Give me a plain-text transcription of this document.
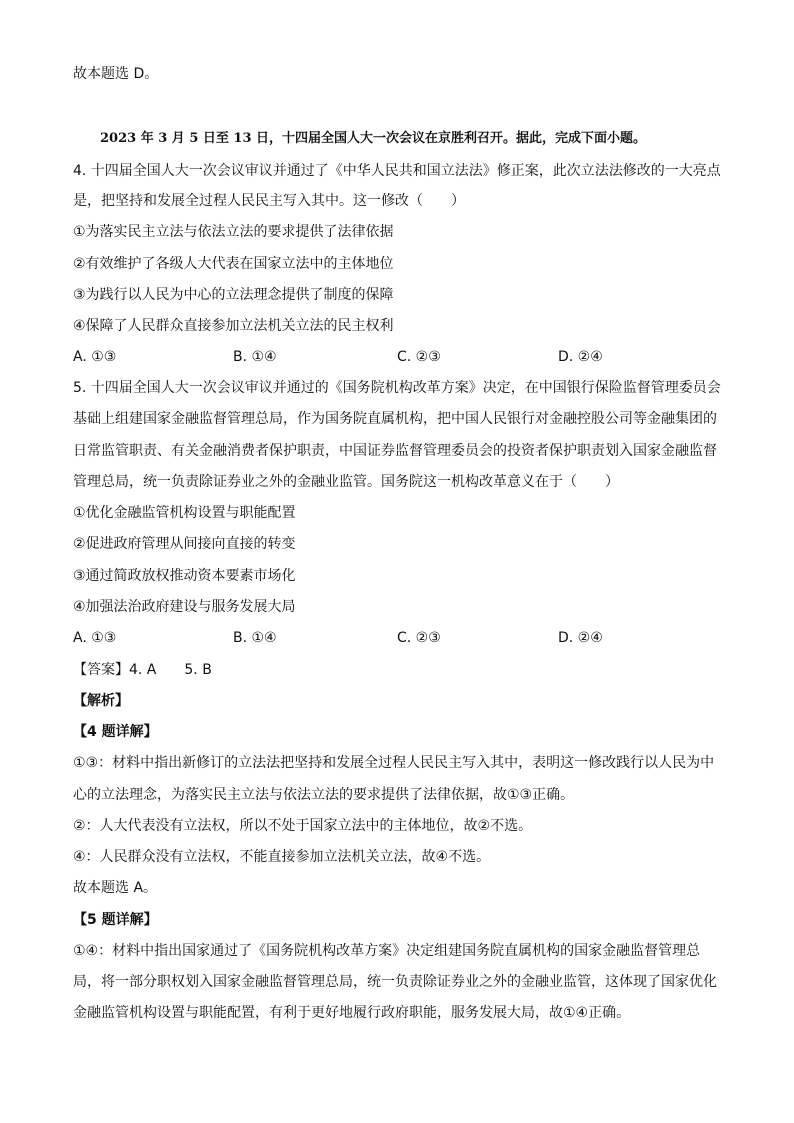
故本题选 D。
2023 年 3 月 5 日至 13 日，十四届全国人大一次会议在京胜利召开。据此，完成下面小题。
4. 十四届全国人大一次会议审议并通过了《中华人民共和国立法法》修正案，此次立法法修改的一大亮点
是，把坚持和发展全过程人民民主写入其中。这一修改（　　）
①为落实民主立法与依法立法的要求提供了法律依据
②有效维护了各级人大代表在国家立法中的主体地位
③为践行以人民为中心的立法理念提供了制度的保障
④保障了人民群众直接参加立法机关立法的民主权利
A. ①③	B. ①④	C. ②③	D. ②④
5. 十四届全国人大一次会议审议并通过的《国务院机构改革方案》决定，在中国银行保险监督管理委员会
基础上组建国家金融监督管理总局，作为国务院直属机构，把中国人民银行对金融控股公司等金融集团的
日常监管职责、有关金融消费者保护职责，中国证券监督管理委员会的投资者保护职责划入国家金融监督
管理总局，统一负责除证券业之外的金融业监管。国务院这一机构改革意义在于（　　）
①优化金融监管机构设置与职能配置
②促进政府管理从间接向直接的转变
③通过简政放权推动资本要素市场化
④加强法治政府建设与服务发展大局
A. ①③	B. ①④	C. ②③	D. ②④
【答案】4. A　　5. B
【解析】
【4 题详解】
①③：材料中指出新修订的立法法把坚持和发展全过程人民民主写入其中，表明这一修改践行以人民为中
心的立法理念，为落实民主立法与依法立法的要求提供了法律依据，故①③正确。
②：人大代表没有立法权，所以不处于国家立法中的主体地位，故②不选。
④：人民群众没有立法权，不能直接参加立法机关立法，故④不选。
故本题选 A。
【5 题详解】
①④：材料中指出国家通过了《国务院机构改革方案》决定组建国务院直属机构的国家金融监督管理总
局，将一部分职权划入国家金融监督管理总局，统一负责除证券业之外的金融业监管，这体现了国家优化
金融监管机构设置与职能配置，有利于更好地履行政府职能，服务发展大局，故①④正确。
